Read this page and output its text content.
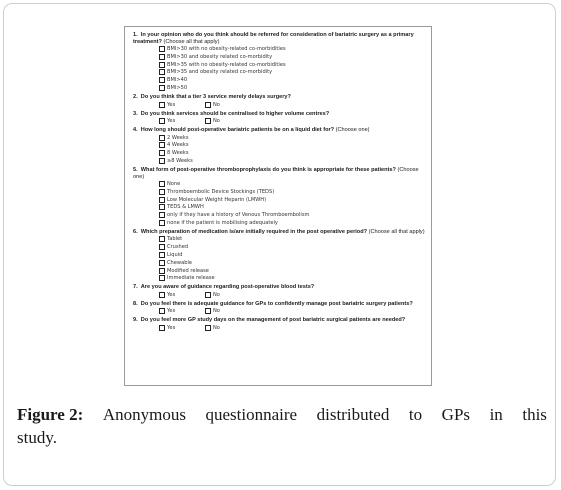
1. In your opinion who do you think should be referred for consideration of bariatric surgery as a primary treatment? (Choose all that apply)
BMI>30 with no obesity-related co-morbidities
BMI>30 and obesity related co-morbidity
BMI>35 with no obesity-related co-morbidities
BMI>35 and obesity related co-morbidity
BMI>40
BMI>50
2. Do you think that a tier 3 service merely delays surgery?
Yes	No
3. Do you think services should be centralised to higher volume centres?
Yes	No
4. How long should post-operative bariatric patients be on a liquid diet for? (Choose one)
2 Weeks
4 Weeks
8 Weeks
≥8 Weeks
5. What form of post-operative thromboprophylaxis do you think is appropriate for these patients? (Choose one)
None
Thromboembolic Device Stockings (TEDS)
Low Molecular Weight Heparin (LMWH)
TEDS & LMWH
only if they have a history of Venous Thromboembolism
none if the patient is mobilising adequately
6. Which preparation of medication is/are initially required in the post operative period? (Choose all that apply)
Tablet
Crushed
Liquid
Chewable
Modified release
Immediate release
7. Are you aware of guidance regarding post-operative blood tests?
Yes	No
8. Do you feel there is adequate guidance for GPs to confidently manage post bariatric surgery patients?
Yes	No
9. Do you feel more GP study days on the management of post bariatric surgical patients are needed?
Yes	No
Figure 2: Anonymous questionnaire distributed to GPs in this
study.
